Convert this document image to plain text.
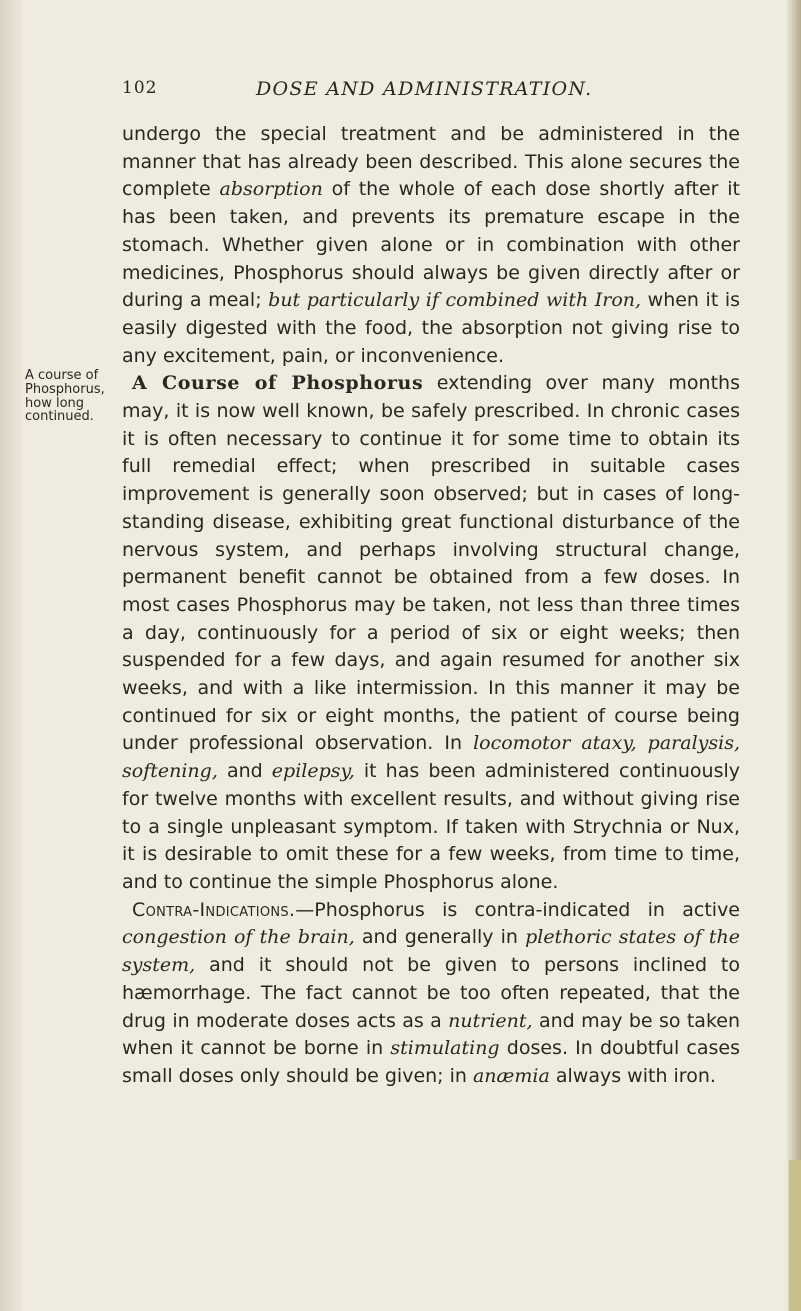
102	DOSE AND ADMINISTRATION.
A course of
Phosphorus,
how long
continued.

undergo the special treatment and be administered in the manner that has already been described. This alone secures the complete absorption of the whole of each dose shortly after it has been taken, and prevents its premature escape in the stomach. Whether given alone or in combination with other medicines, Phosphorus should always be given directly after or during a meal; but particularly if combined with Iron, when it is easily digested with the food, the absorption not giving rise to any excitement, pain, or inconvenience.

A Course of Phosphorus extending over many months may, it is now well known, be safely prescribed. In chronic cases it is often necessary to continue it for some time to obtain its full remedial effect; when prescribed in suitable cases improvement is generally soon observed; but in cases of long-standing disease, exhibiting great functional disturbance of the nervous system, and perhaps involving structural change, permanent benefit cannot be obtained from a few doses. In most cases Phosphorus may be taken, not less than three times a day, continuously for a period of six or eight weeks; then suspended for a few days, and again resumed for another six weeks, and with a like intermission. In this manner it may be continued for six or eight months, the patient of course being under professional observation. In locomotor ataxy, paralysis, softening, and epilepsy, it has been administered continuously for twelve months with excellent results, and without giving rise to a single unpleasant symptom. If taken with Strychnia or Nux, it is desirable to omit these for a few weeks, from time to time, and to continue the simple Phosphorus alone.

Contra-Indications.—Phosphorus is contra-indicated in active congestion of the brain, and generally in plethoric states of the system, and it should not be given to persons inclined to hæmorrhage. The fact cannot be too often repeated, that the drug in moderate doses acts as a nutrient, and may be so taken when it cannot be borne in stimulating doses. In doubtful cases small doses only should be given; in anæmia always with iron.
